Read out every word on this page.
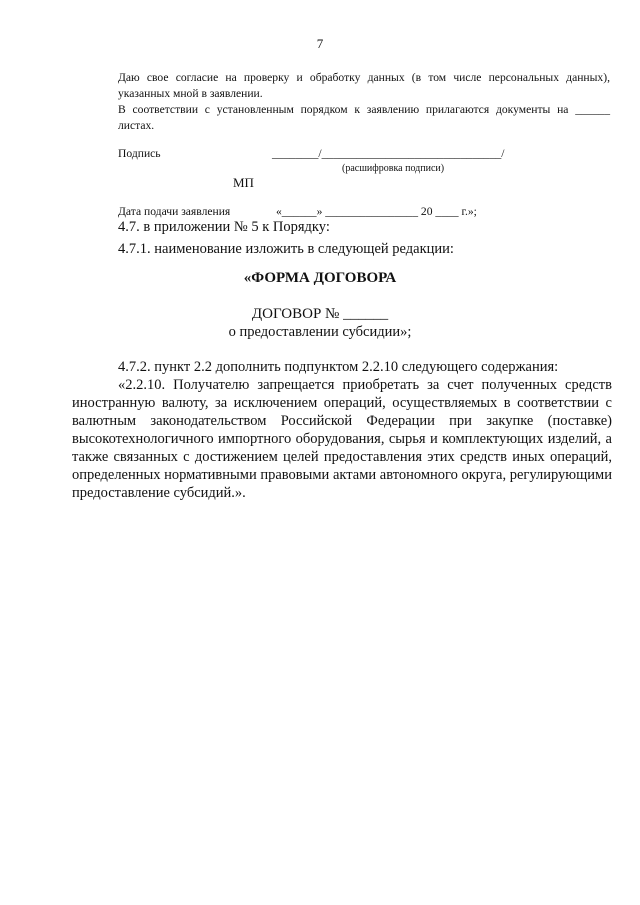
7
Даю свое согласие на проверку и обработку данных (в том числе персональных данных), указанных мной в заявлении.
В соответствии с установленным порядком к заявлению прилагаются документы на ______ листах.
Подпись	________/_______________________________/
(расшифровка подписи)
МП
Дата подачи заявления	«______» ________________ 20 ____ г.»;
4.7. в приложении № 5 к Порядку:
4.7.1. наименование изложить в следующей редакции:
«ФОРМА ДОГОВОРА
ДОГОВОР № ______
о предоставлении субсидии»;
4.7.2. пункт 2.2 дополнить подпунктом 2.2.10 следующего содержания:
«2.2.10. Получателю запрещается приобретать за счет полученных средств иностранную валюту, за исключением операций, осуществляемых в соответствии с валютным законодательством Российской Федерации при закупке (поставке) высокотехнологичного импортного оборудования, сырья и комплектующих изделий, а также связанных с достижением целей предоставления этих средств иных операций, определенных нормативными правовыми актами автономного округа, регулирующими предоставление субсидий.».
